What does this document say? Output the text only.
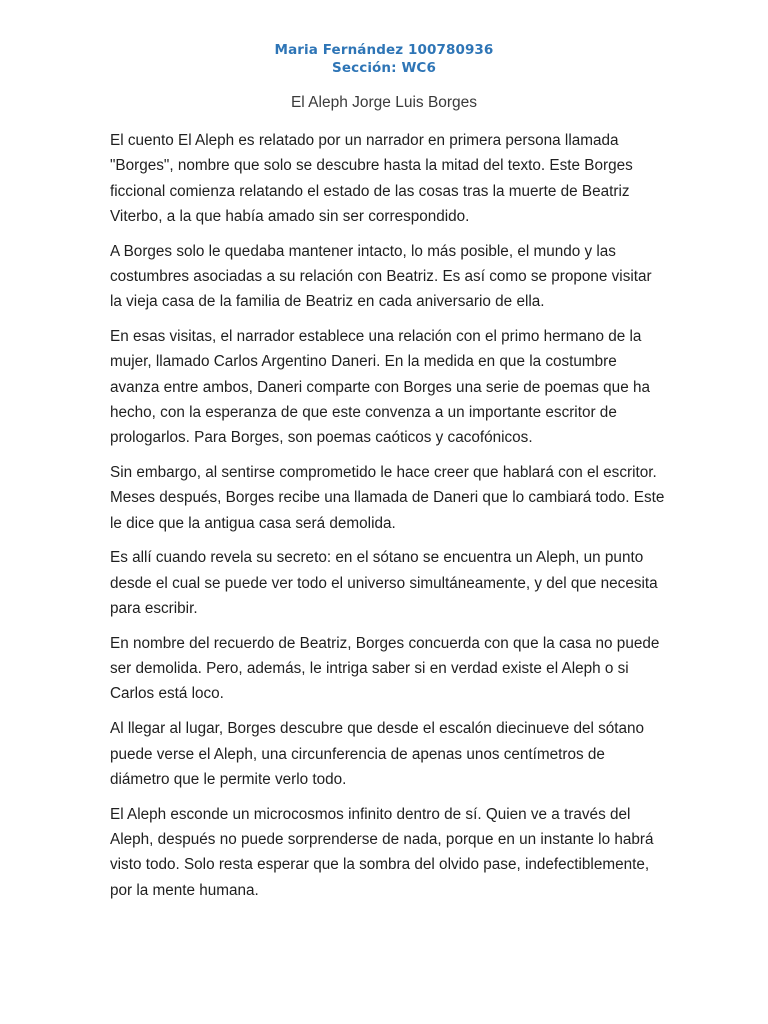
Maria Fernández 100780936
Sección: WC6
El Aleph Jorge Luis Borges

El cuento El Aleph es relatado por un narrador en primera persona llamada "Borges", nombre que solo se descubre hasta la mitad del texto. Este Borges ficcional comienza relatando el estado de las cosas tras la muerte de Beatriz Viterbo, a la que había amado sin ser correspondido.

A Borges solo le quedaba mantener intacto, lo más posible, el mundo y las costumbres asociadas a su relación con Beatriz. Es así como se propone visitar la vieja casa de la familia de Beatriz en cada aniversario de ella.

En esas visitas, el narrador establece una relación con el primo hermano de la mujer, llamado Carlos Argentino Daneri. En la medida en que la costumbre avanza entre ambos, Daneri comparte con Borges una serie de poemas que ha hecho, con la esperanza de que este convenza a un importante escritor de prologarlos. Para Borges, son poemas caóticos y cacofónicos.

Sin embargo, al sentirse comprometido le hace creer que hablará con el escritor. Meses después, Borges recibe una llamada de Daneri que lo cambiará todo. Este le dice que la antigua casa será demolida.

Es allí cuando revela su secreto: en el sótano se encuentra un Aleph, un punto desde el cual se puede ver todo el universo simultáneamente, y del que necesita para escribir.

En nombre del recuerdo de Beatriz, Borges concuerda con que la casa no puede ser demolida. Pero, además, le intriga saber si en verdad existe el Aleph o si Carlos está loco.

Al llegar al lugar, Borges descubre que desde el escalón diecinueve del sótano puede verse el Aleph, una circunferencia de apenas unos centímetros de diámetro que le permite verlo todo.

El Aleph esconde un microcosmos infinito dentro de sí. Quien ve a través del Aleph, después no puede sorprenderse de nada, porque en un instante lo habrá visto todo. Solo resta esperar que la sombra del olvido pase, indefectiblemente, por la mente humana.
